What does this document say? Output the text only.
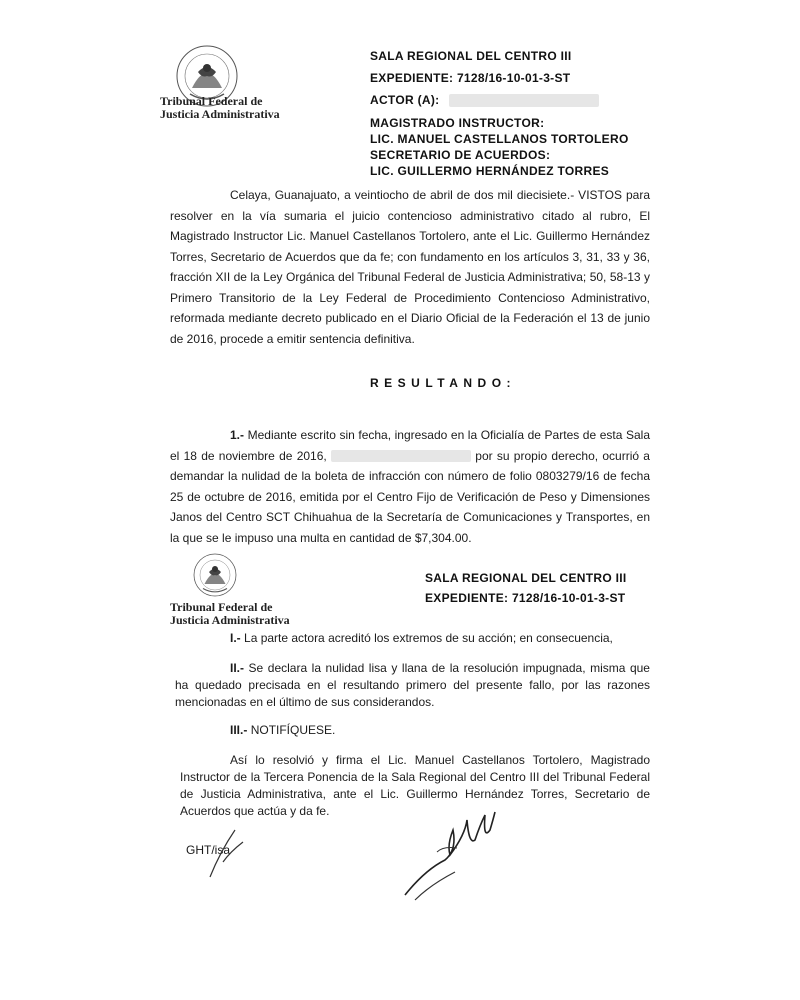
Tribunal Federal de
Justicia Administrativa
SALA REGIONAL DEL CENTRO III
EXPEDIENTE: 7128/16-10-01-3-ST
ACTOR (A):
MAGISTRADO INSTRUCTOR:
LIC. MANUEL CASTELLANOS TORTOLERO
SECRETARIO DE ACUERDOS:
LIC. GUILLERMO HERNÁNDEZ TORRES
Celaya, Guanajuato, a veintiocho de abril de dos mil diecisiete.- VISTOS para resolver en la vía sumaria el juicio contencioso administrativo citado al rubro, El Magistrado Instructor Lic. Manuel Castellanos Tortolero, ante el Lic. Guillermo Hernández Torres, Secretario de Acuerdos que da fe; con fundamento en los artículos 3, 31, 33 y 36, fracción XII de la Ley Orgánica del Tribunal Federal de Justicia Administrativa; 50, 58-13 y Primero Transitorio de la Ley Federal de Procedimiento Contencioso Administrativo, reformada mediante decreto publicado en el Diario Oficial de la Federación el 13 de junio de 2016, procede a emitir sentencia definitiva.
RESULTANDO:
1.- Mediante escrito sin fecha, ingresado en la Oficialía de Partes de esta Sala el 18 de noviembre de 2016,	por su propio derecho, ocurrió a demandar la nulidad de la boleta de infracción con número de folio 0803279/16 de fecha 25 de octubre de 2016, emitida por el Centro Fijo de Verificación de Peso y Dimensiones Janos del Centro SCT Chihuahua de la Secretaría de Comunicaciones y Transportes, en la que se le impuso una multa en cantidad de $7,304.00.
Tribunal Federal de
Justicia Administrativa
SALA REGIONAL DEL CENTRO III
EXPEDIENTE: 7128/16-10-01-3-ST
I.- La parte actora acreditó los extremos de su acción; en consecuencia,
II.- Se declara la nulidad lisa y llana de la resolución impugnada, misma que ha quedado precisada en el resultando primero del presente fallo, por las razones mencionadas en el último de sus considerandos.
III.- NOTIFÍQUESE.
Así lo resolvió y firma el Lic. Manuel Castellanos Tortolero, Magistrado Instructor de la Tercera Ponencia de la Sala Regional del Centro III del Tribunal Federal de Justicia Administrativa, ante el Lic. Guillermo Hernández Torres, Secretario de Acuerdos que actúa y da fe.
GHT/isa
